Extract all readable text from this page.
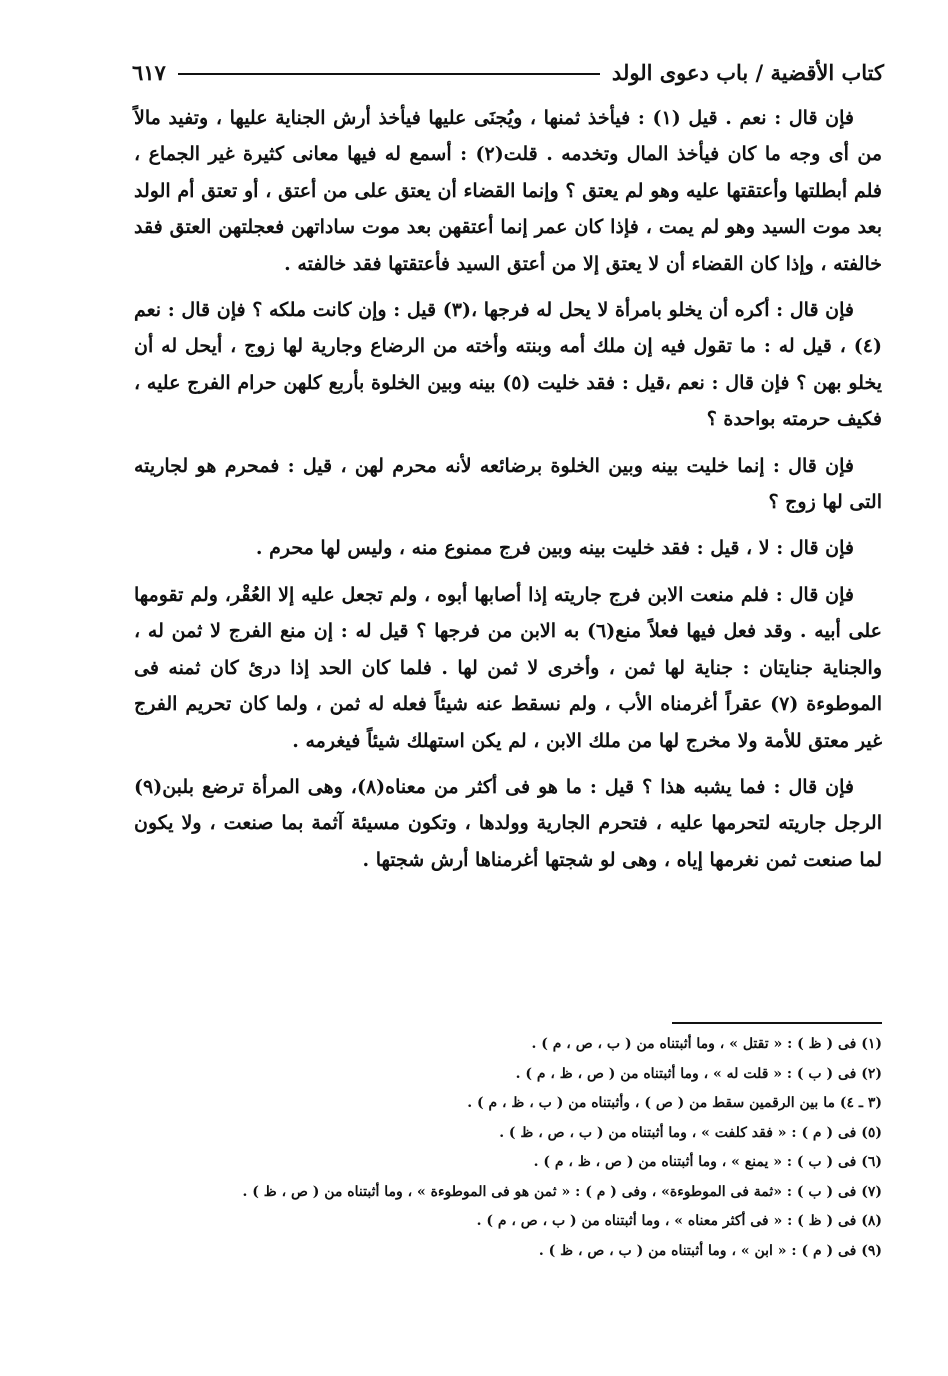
كتاب الأقضية / باب دعوى الولد
٦١٧

فإن قال : نعم . قيل (١) : فيأخذ ثمنها ، ويُجنَى عليها فيأخذ أرش الجناية عليها ، وتفيد مالاً من أى وجه ما كان فيأخذ المال وتخدمه . قلت(٢) : أسمع له فيها معانى كثيرة غير الجماع ، فلم أبطلتها وأعتقتها عليه وهو لم يعتق ؟ وإنما القضاء أن يعتق على من أعتق ، أو تعتق أم الولد بعد موت السيد وهو لم يمت ، فإذا كان عمر إنما أعتقهن بعد موت ساداتهن فعجلتهن العتق فقد خالفته ، وإذا كان القضاء أن لا يعتق إلا من أعتق السيد فأعتقتها فقد خالفته .

فإن قال : أكره أن يخلو بامرأة لا يحل له فرجها ،(٣) قيل : وإن كانت ملكه ؟ فإن قال : نعم (٤) ، قيل له : ما تقول فيه إن ملك أمه وبنته وأخته من الرضاع وجارية لها زوج ، أيحل له أن يخلو بهن ؟ فإن قال : نعم ،قيل : فقد خليت (٥) بينه وبين الخلوة بأربع كلهن حرام الفرج عليه ، فكيف حرمته بواحدة ؟

فإن قال : إنما خليت بينه وبين الخلوة برضائعه لأنه محرم لهن ، قيل : فمحرم هو لجاريته التى لها زوج ؟

فإن قال : لا ، قيل : فقد خليت بينه وبين فرج ممنوع منه ، وليس لها محرم .

فإن قال : فلم منعت الابن فرج جاريته إذا أصابها أبوه ، ولم تجعل عليه إلا العُقْر، ولم تقومها على أبيه . وقد فعل فيها فعلاً منع(٦) به الابن من فرجها ؟ قيل له : إن منع الفرج لا ثمن له ، والجناية جنايتان : جناية لها ثمن ، وأخرى لا ثمن لها . فلما كان الحد إذا درئ كان ثمنه فى الموطوءة (٧) عقراً أغرمناه الأب ، ولم نسقط عنه شيئاً فعله له ثمن ، ولما كان تحريم الفرج غير معتق للأمة ولا مخرج لها من ملك الابن ، لم يكن استهلك شيئاً فيغرمه .

فإن قال : فما يشبه هذا ؟ قيل : ما هو فى أكثر من معناه(٨)، وهى المرأة ترضع بلبن(٩) الرجل جاريته لتحرمها عليه ، فتحرم الجارية وولدها ، وتكون مسيئة آثمة بما صنعت ، ولا يكون لما صنعت ثمن نغرمها إياه ، وهى لو شجتها أغرمناها أرش شجتها .

(١) فى ( ظ ) : « تقتل » ، وما أثبتناه من ( ب ، ص ، م ) .
(٢) فى ( ب ) : « قلت له » ، وما أثبتناه من ( ص ، ظ ، م ) .
(٣ ـ ٤) ما بين الرقمين سقط من ( ص ) ، وأثبتناه من ( ب ، ظ ، م ) .
(٥) فى ( م ) : « فقد كلفت » ، وما أثبتناه من ( ب ، ص ، ظ ) .
(٦) فى ( ب ) : « يمنع » ، وما أثبتناه من ( ص ، ظ ، م ) .
(٧) فى ( ب ) : «ثمة فى الموطوءة» ، وفى ( م ) : « ثمن هو فى الموطوءة » ، وما أثبتناه من ( ص ، ظ ) .
(٨) فى ( ظ ) : « فى أكثر معناه » ، وما أثبتناه من ( ب ، ص ، م ) .
(٩) فى ( م ) : « ابن » ، وما أثبتناه من ( ب ، ص ، ظ ) .
